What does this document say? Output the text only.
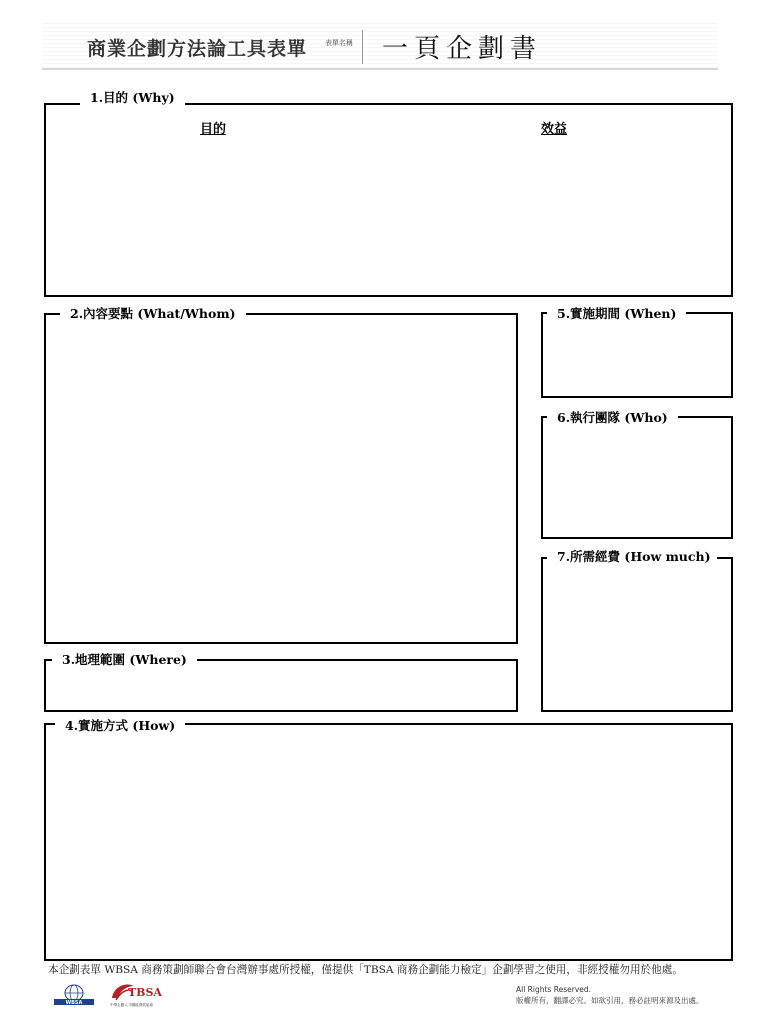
商業企劃方法論工具表單	表單名稱 一頁企劃書
1.目的 (Why)
目的	效益
2.內容要點 (What/Whom)
3.地理範圍 (Where)
4.實施方式 (How)
5.實施期間 (When)
6.執行團隊 (Who)
7.所需經費 (How much)
本企劃表單 WBSA 商務策劃師聯合會台灣辦事處所授權，僅提供「TBSA 商務企劃能力檢定」企劃學習之使用，非經授權勿用於他處。
WBSA
TBSA
中華企劃人才職能發展協會
All Rights Reserved.
版權所有，翻譯必究。如欲引用，務必註明來源及出處。
